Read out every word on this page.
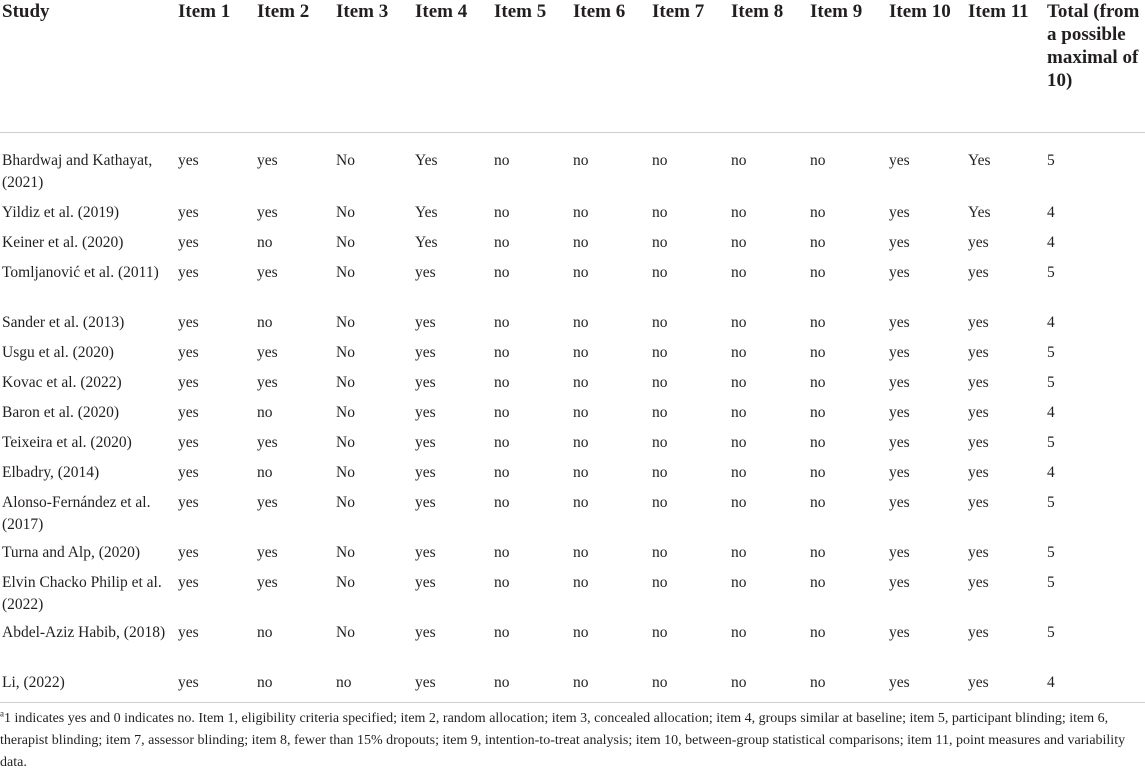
Study	Item 1	Item 2	Item 3	Item 4	Item 5	Item 6	Item 7	Item 8	Item 9	Item 10	Item 11	Total (from a possible maximal of 10)
Bhardwaj and Kathayat, (2021)	yes	yes	No	Yes	no	no	no	no	no	yes	Yes	5
Yildiz et al. (2019)	yes	yes	No	Yes	no	no	no	no	no	yes	Yes	4
Keiner et al. (2020)	yes	no	No	Yes	no	no	no	no	no	yes	yes	4
Tomljanović et al. (2011)	yes	yes	No	yes	no	no	no	no	no	yes	yes	5
Sander et al. (2013)	yes	no	No	yes	no	no	no	no	no	yes	yes	4
Usgu et al. (2020)	yes	yes	No	yes	no	no	no	no	no	yes	yes	5
Kovac et al. (2022)	yes	yes	No	yes	no	no	no	no	no	yes	yes	5
Baron et al. (2020)	yes	no	No	yes	no	no	no	no	no	yes	yes	4
Teixeira et al. (2020)	yes	yes	No	yes	no	no	no	no	no	yes	yes	5
Elbadry, (2014)	yes	no	No	yes	no	no	no	no	no	yes	yes	4
Alonso-Fernández et al. (2017)	yes	yes	No	yes	no	no	no	no	no	yes	yes	5
Turna and Alp, (2020)	yes	yes	No	yes	no	no	no	no	no	yes	yes	5
Elvin Chacko Philip et al. (2022)	yes	yes	No	yes	no	no	no	no	no	yes	yes	5
Abdel-Aziz Habib, (2018)	yes	no	No	yes	no	no	no	no	no	yes	yes	5
Li, (2022)	yes	no	no	yes	no	no	no	no	no	yes	yes	4
$^a$1 indicates yes and 0 indicates no. Item 1, eligibility criteria specified; item 2, random allocation; item 3, concealed allocation; item 4, groups similar at baseline; item 5, participant blinding; item 6, therapist blinding; item 7, assessor blinding; item 8, fewer than 15% dropouts; item 9, intention-to-treat analysis; item 10, between-group statistical comparisons; item 11, point measures and variability data.
